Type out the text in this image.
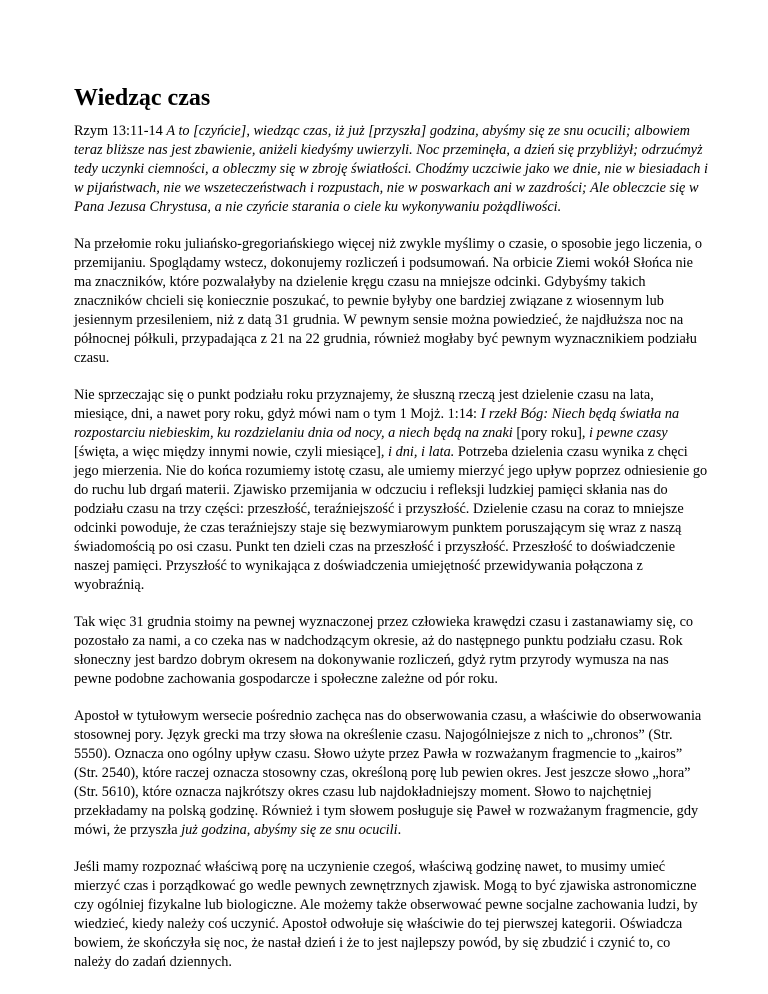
Wiedząc czas

Rzym 13:11-14 A to [czyńcie], wiedząc czas, iż już [przyszła] godzina, abyśmy się ze snu ocucili; albowiem teraz bliższe nas jest zbawienie, aniżeli kiedyśmy uwierzyli. Noc przeminęła, a dzień się przybliżył; odrzućmyż tedy uczynki ciemności, a obleczmy się w zbroję światłości. Chodźmy uczciwie jako we dnie, nie w biesiadach i w pijaństwach, nie we wszeteczeństwach i rozpustach, nie w poswarkach ani w zazdrości; Ale obleczcie się w Pana Jezusa Chrystusa, a nie czyńcie starania o ciele ku wykonywaniu pożądliwości.

Na przełomie roku juliańsko-gregoriańskiego więcej niż zwykle myślimy o czasie, o sposobie jego liczenia, o przemijaniu. Spoglądamy wstecz, dokonujemy rozliczeń i podsumowań. Na orbicie Ziemi wokół Słońca nie ma znaczników, które pozwalałyby na dzielenie kręgu czasu na mniejsze odcinki. Gdybyśmy takich znaczników chcieli się koniecznie poszukać, to pewnie byłyby one bardziej związane z wiosennym lub jesiennym przesileniem, niż z datą 31 grudnia. W pewnym sensie można powiedzieć, że najdłuższa noc na północnej półkuli, przypadająca z 21 na 22 grudnia, również mogłaby być pewnym wyznacznikiem podziału czasu.

Nie sprzeczając się o punkt podziału roku przyznajemy, że słuszną rzeczą jest dzielenie czasu na lata, miesiące, dni, a nawet pory roku, gdyż mówi nam o tym 1 Mojż. 1:14: I rzekł Bóg: Niech będą światła na rozpostarciu niebieskim, ku rozdzielaniu dnia od nocy, a niech będą na znaki [pory roku], i pewne czasy [święta, a więc między innymi nowie, czyli miesiące], i dni, i lata. Potrzeba dzielenia czasu wynika z chęci jego mierzenia. Nie do końca rozumiemy istotę czasu, ale umiemy mierzyć jego upływ poprzez odniesienie go do ruchu lub drgań materii. Zjawisko przemijania w odczuciu i refleksji ludzkiej pamięci skłania nas do podziału czasu na trzy części: przeszłość, teraźniejszość i przyszłość. Dzielenie czasu na coraz to mniejsze odcinki powoduje, że czas teraźniejszy staje się bezwymiarowym punktem poruszającym się wraz z naszą świadomością po osi czasu. Punkt ten dzieli czas na przeszłość i przyszłość. Przeszłość to doświadczenie naszej pamięci. Przyszłość to wynikająca z doświadczenia umiejętność przewidywania połączona z wyobraźnią.

Tak więc 31 grudnia stoimy na pewnej wyznaczonej przez człowieka krawędzi czasu i zastanawiamy się, co pozostało za nami, a co czeka nas w nadchodzącym okresie, aż do następnego punktu podziału czasu. Rok słoneczny jest bardzo dobrym okresem na dokonywanie rozliczeń, gdyż rytm przyrody wymusza na nas pewne podobne zachowania gospodarcze i społeczne zależne od pór roku.

Apostoł w tytułowym wersecie pośrednio zachęca nas do obserwowania czasu, a właściwie do obserwowania stosownej pory. Język grecki ma trzy słowa na określenie czasu. Najogólniejsze z nich to „chronos” (Str. 5550). Oznacza ono ogólny upływ czasu. Słowo użyte przez Pawła w rozważanym fragmencie to „kairos” (Str. 2540), które raczej oznacza stosowny czas, określoną porę lub pewien okres. Jest jeszcze słowo „hora” (Str. 5610), które oznacza najkrótszy okres czasu lub najdokładniejszy moment. Słowo to najchętniej przekładamy na polską godzinę. Również i tym słowem posługuje się Paweł w rozważanym fragmencie, gdy mówi, że przyszła już godzina, abyśmy się ze snu ocucili.

Jeśli mamy rozpoznać właściwą porę na uczynienie czegoś, właściwą godzinę nawet, to musimy umieć mierzyć czas i porządkować go wedle pewnych zewnętrznych zjawisk. Mogą to być zjawiska astronomiczne czy ogólniej fizykalne lub biologiczne. Ale możemy także obserwować pewne socjalne zachowania ludzi, by wiedzieć, kiedy należy coś uczynić. Apostoł odwołuje się właściwie do tej pierwszej kategorii. Oświadcza bowiem, że skończyła się noc, że nastał dzień i że to jest najlepszy powód, by się zbudzić i czynić to, co należy do zadań dziennych.
